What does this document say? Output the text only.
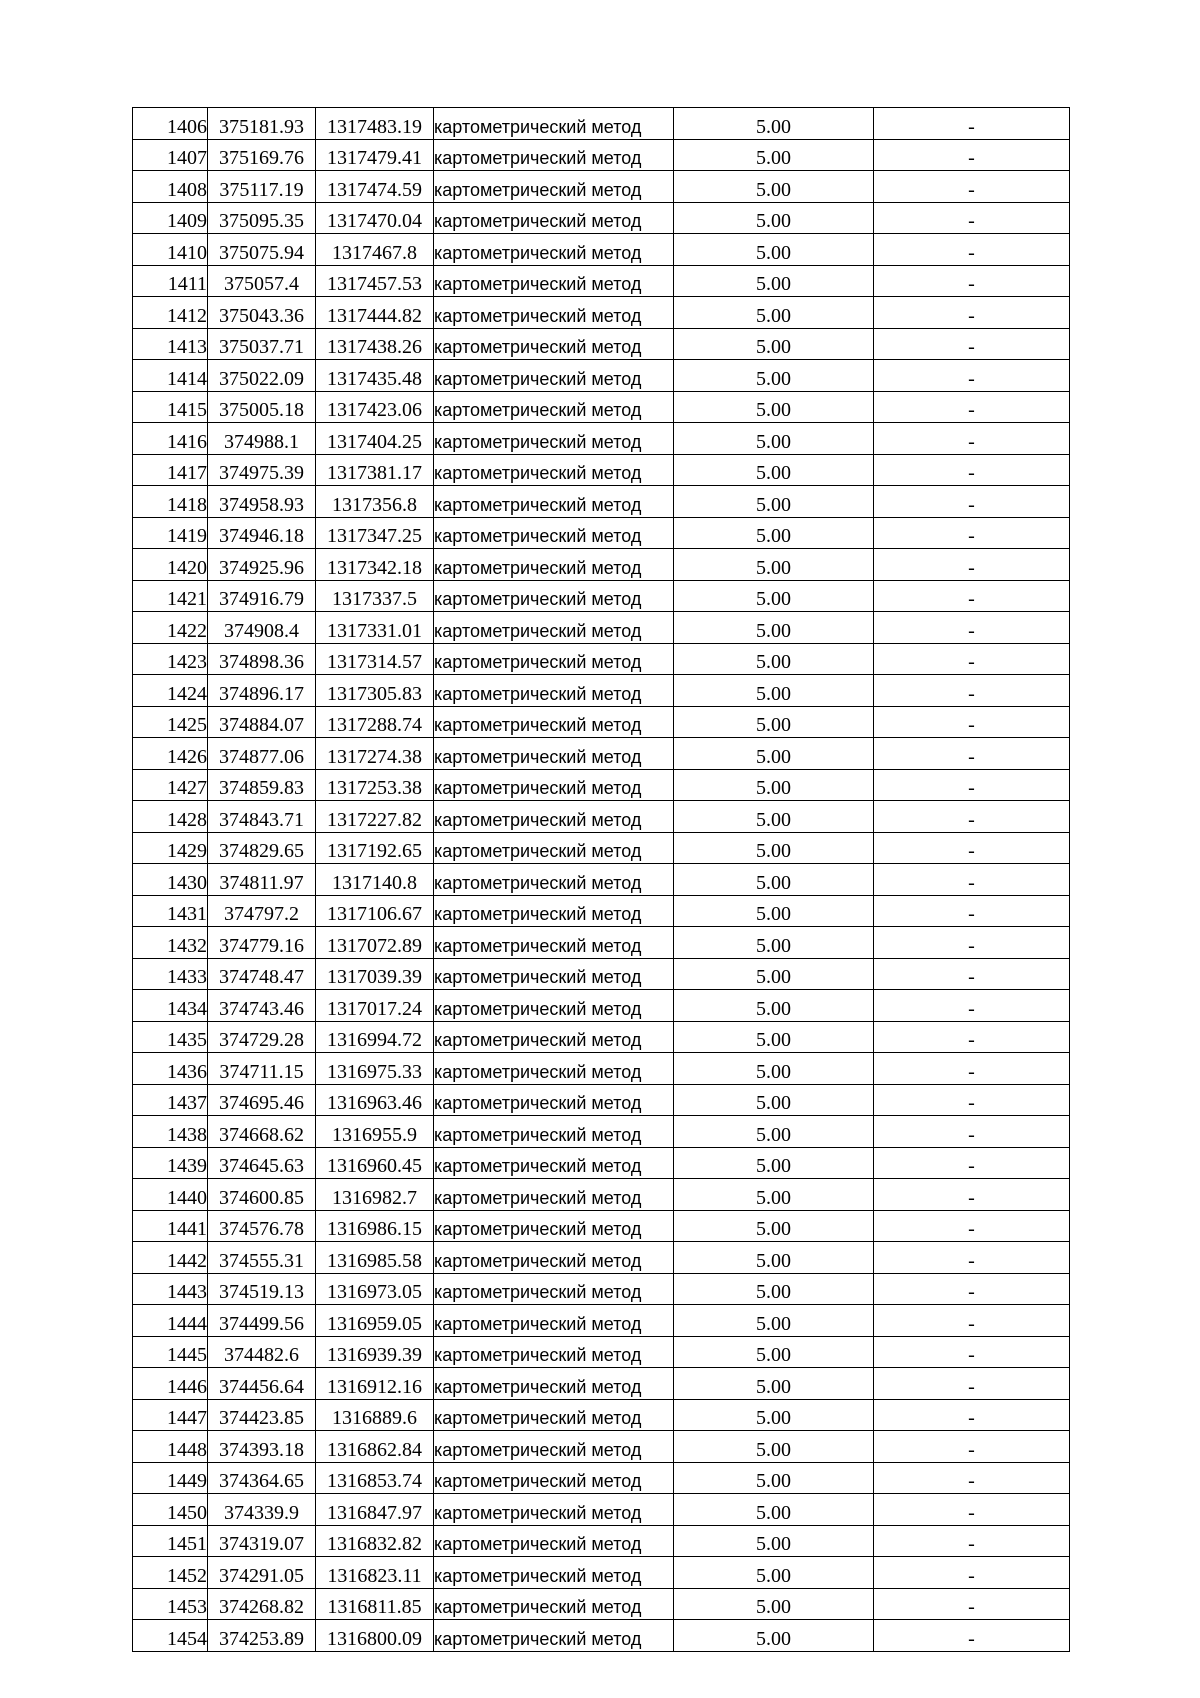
1406	375181.93	1317483.19	картометрический метод	5.00	-
1407	375169.76	1317479.41	картометрический метод	5.00	-
1408	375117.19	1317474.59	картометрический метод	5.00	-
1409	375095.35	1317470.04	картометрический метод	5.00	-
1410	375075.94	1317467.8	картометрический метод	5.00	-
1411	375057.4	1317457.53	картометрический метод	5.00	-
1412	375043.36	1317444.82	картометрический метод	5.00	-
1413	375037.71	1317438.26	картометрический метод	5.00	-
1414	375022.09	1317435.48	картометрический метод	5.00	-
1415	375005.18	1317423.06	картометрический метод	5.00	-
1416	374988.1	1317404.25	картометрический метод	5.00	-
1417	374975.39	1317381.17	картометрический метод	5.00	-
1418	374958.93	1317356.8	картометрический метод	5.00	-
1419	374946.18	1317347.25	картометрический метод	5.00	-
1420	374925.96	1317342.18	картометрический метод	5.00	-
1421	374916.79	1317337.5	картометрический метод	5.00	-
1422	374908.4	1317331.01	картометрический метод	5.00	-
1423	374898.36	1317314.57	картометрический метод	5.00	-
1424	374896.17	1317305.83	картометрический метод	5.00	-
1425	374884.07	1317288.74	картометрический метод	5.00	-
1426	374877.06	1317274.38	картометрический метод	5.00	-
1427	374859.83	1317253.38	картометрический метод	5.00	-
1428	374843.71	1317227.82	картометрический метод	5.00	-
1429	374829.65	1317192.65	картометрический метод	5.00	-
1430	374811.97	1317140.8	картометрический метод	5.00	-
1431	374797.2	1317106.67	картометрический метод	5.00	-
1432	374779.16	1317072.89	картометрический метод	5.00	-
1433	374748.47	1317039.39	картометрический метод	5.00	-
1434	374743.46	1317017.24	картометрический метод	5.00	-
1435	374729.28	1316994.72	картометрический метод	5.00	-
1436	374711.15	1316975.33	картометрический метод	5.00	-
1437	374695.46	1316963.46	картометрический метод	5.00	-
1438	374668.62	1316955.9	картометрический метод	5.00	-
1439	374645.63	1316960.45	картометрический метод	5.00	-
1440	374600.85	1316982.7	картометрический метод	5.00	-
1441	374576.78	1316986.15	картометрический метод	5.00	-
1442	374555.31	1316985.58	картометрический метод	5.00	-
1443	374519.13	1316973.05	картометрический метод	5.00	-
1444	374499.56	1316959.05	картометрический метод	5.00	-
1445	374482.6	1316939.39	картометрический метод	5.00	-
1446	374456.64	1316912.16	картометрический метод	5.00	-
1447	374423.85	1316889.6	картометрический метод	5.00	-
1448	374393.18	1316862.84	картометрический метод	5.00	-
1449	374364.65	1316853.74	картометрический метод	5.00	-
1450	374339.9	1316847.97	картометрический метод	5.00	-
1451	374319.07	1316832.82	картометрический метод	5.00	-
1452	374291.05	1316823.11	картометрический метод	5.00	-
1453	374268.82	1316811.85	картометрический метод	5.00	-
1454	374253.89	1316800.09	картометрический метод	5.00	-
